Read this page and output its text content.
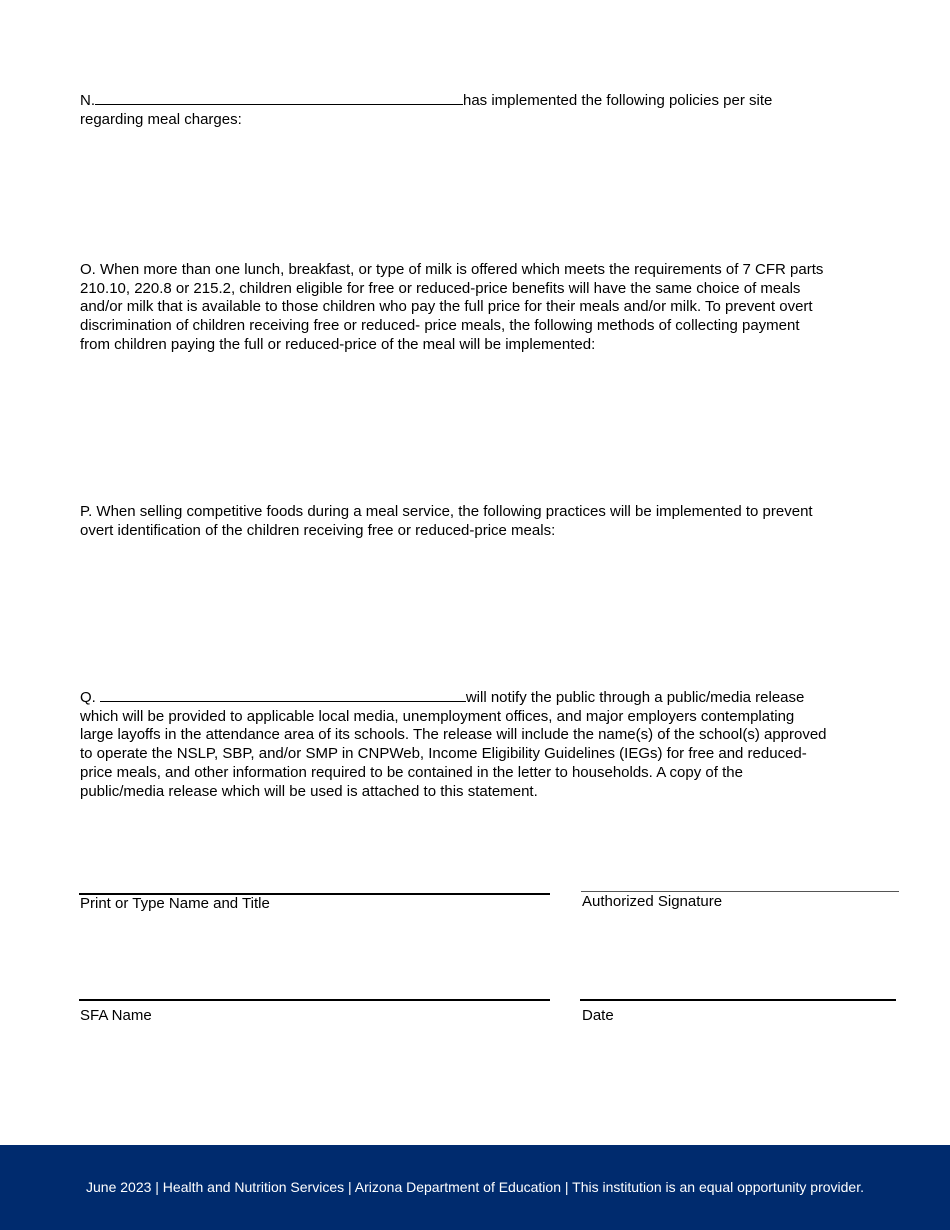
N.	has implemented the following policies per site
regarding meal charges:
O. When more than one lunch, breakfast, or type of milk is offered which meets the requirements of 7 CFR parts
210.10, 220.8 or 215.2, children eligible for free or reduced-price benefits will have the same choice of meals
and/or milk that is available to those children who pay the full price for their meals and/or milk. To prevent overt
discrimination of children receiving free or reduced- price meals, the following methods of collecting payment
from children paying the full or reduced-price of the meal will be implemented:
P. When selling competitive foods during a meal service, the following practices will be implemented to prevent
overt identification of the children receiving free or reduced-price meals:
Q.	will notify the public through a public/media release
which will be provided to applicable local media, unemployment offices, and major employers contemplating
large layoffs in the attendance area of its schools. The release will include the name(s) of the school(s) approved
to operate the NSLP, SBP, and/or SMP in CNPWeb, Income Eligibility Guidelines (IEGs) for free and reduced-
price meals, and other information required to be contained in the letter to households. A copy of the
public/media release which will be used is attached to this statement.
Print or Type Name and Title	Authorized Signature
SFA Name	Date
June 2023 | Health and Nutrition Services | Arizona Department of Education | This institution is an equal opportunity provider.
